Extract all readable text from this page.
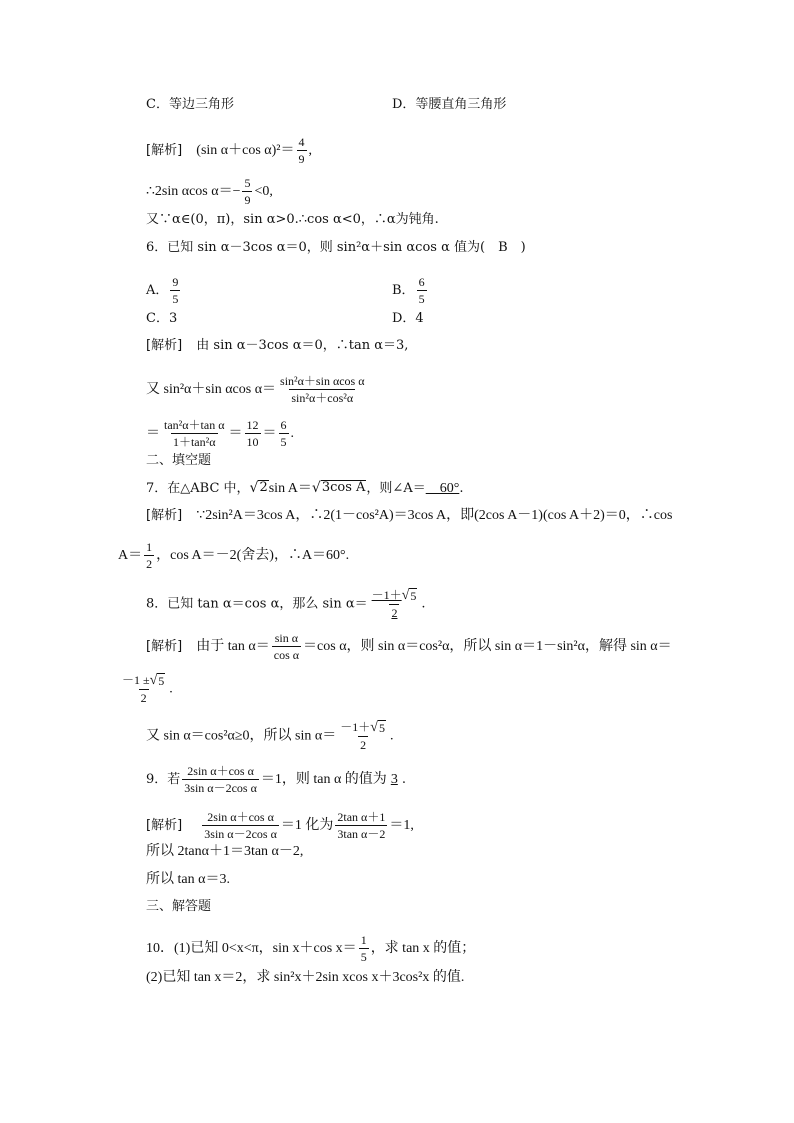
C．等边三角形	D．等腰直角三角形
[解析] (sin α＋cos $\alpha)^2= \frac{4}{9}$ ,
∴2sin αcos $\alpha=- \frac{5}{9} <0$,
又∵α∈(0，π)，sin α>0.∴cos α<0，∴α为钝角.
6．已知 sin α－3cos α＝0，则 sin²α＋sin αcos α 值为(　B　)
A． $\frac{9}{5}$	B． $\frac{6}{5}$
C．3	D．4
[解析] 由 sin α－3cos α＝0，∴tan α＝3,
又 sin²α＋sin αcos $\alpha= \frac{\text{sin²α＋sin αcos α}}{\text{sin²α＋cos²α}}$
＝ $\frac{\text{tan²α＋tan α}}{\text{1＋tan²α}} = \frac{12}{10} = \frac{6}{5}$ .
二、填空题
7．在△ABC 中， √ 2 sin A＝ √ 3cos A ，则∠A＝　60°.
[解析] ∵2sin²A＝3cos A，∴2(1－cos²A)＝3cos A，即(2cos A－1)(cos A＋2)＝0，∴cos
$A= \frac{1}{2}$ ，cos A＝－2(舍去)，∴A＝60°.
8．已知 tan α＝cos α，那么 $\sin \alpha= \frac{-1+ √ 5}{2}$ .
[解析] 由于 $\tan \alpha= \frac{\text{sin α}}{\text{cos α}} =\cos$ α，则 sin α＝cos²α，所以 sin α＝1－sin²α，解得 sin α＝
$\frac{-1 \pm √ 5}{2}$ .
又 sin α＝cos²α≥0，所以 $\sin \alpha= \frac{-1+ √ 5}{2}$ .
9．若 $\frac{\text{2sin α＋cos α}}{\text{3sin α－2cos α}} =1$，则 tan α 的值为 3 .
[解析] $\frac{\text{2sin α＋cos α}}{\text{3sin α－2cos α}} =1$ 化为 $\frac{\text{2tan α＋1}}{\text{3tan α－2}} =1$,
所以 2tanα＋1＝3tan α－2,
所以 tan α＝3.
三、解答题
10．(1)已知 0<x<π，sin x＋cos $x= \frac{1}{5}$ ，求 tan x 的值；
(2)已知 tan x＝2，求 sin²x＋2sin xcos x＋3cos²x 的值.
